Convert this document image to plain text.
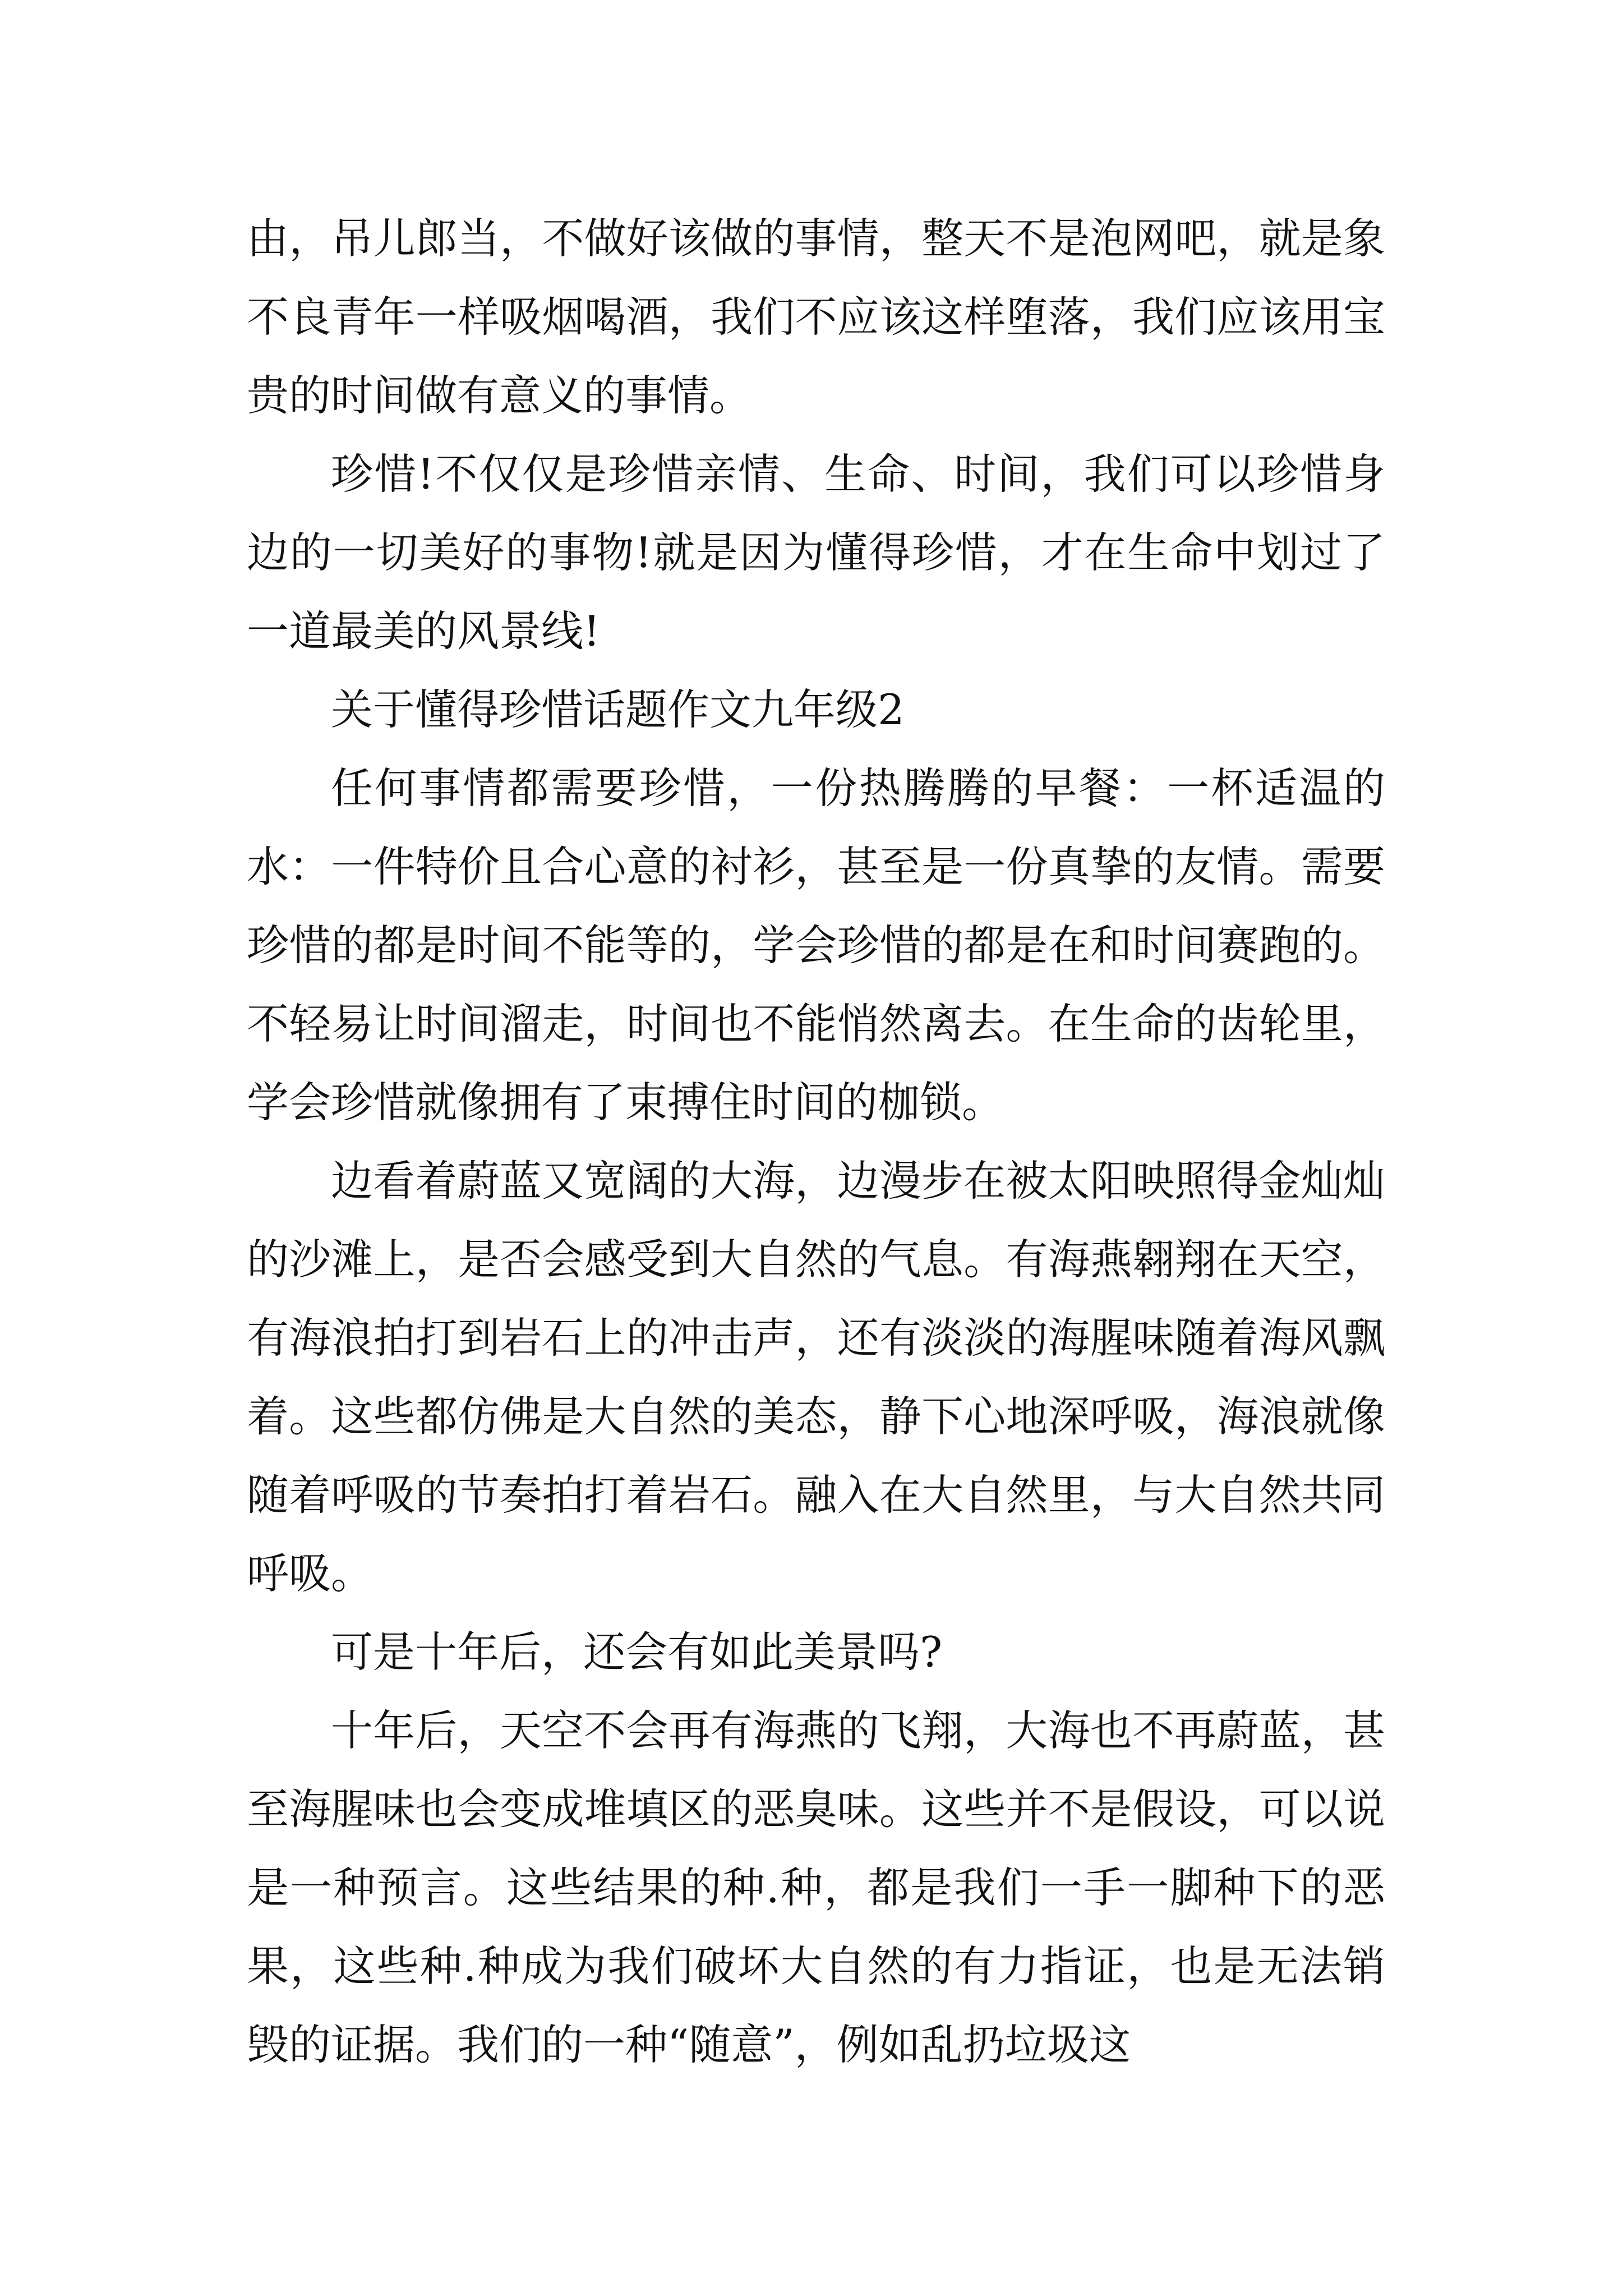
由，吊儿郎当，不做好该做的事情，整天不是泡网吧，就是象不良青年一样吸烟喝酒，我们不应该这样堕落，我们应该用宝贵的时间做有意义的事情。

珍惜!不仅仅是珍惜亲情、生命、时间，我们可以珍惜身边的一切美好的事物!就是因为懂得珍惜，才在生命中划过了一道最美的风景线!

关于懂得珍惜话题作文九年级2

任何事情都需要珍惜，一份热腾腾的早餐：一杯适温的水：一件特价且合心意的衬衫，甚至是一份真挚的友情。需要珍惜的都是时间不能等的，学会珍惜的都是在和时间赛跑的。不轻易让时间溜走，时间也不能悄然离去。在生命的齿轮里，学会珍惜就像拥有了束搏住时间的枷锁。

边看着蔚蓝又宽阔的大海，边漫步在被太阳映照得金灿灿的沙滩上，是否会感受到大自然的气息。有海燕翱翔在天空，有海浪拍打到岩石上的冲击声，还有淡淡的海腥味随着海风飘着。这些都仿佛是大自然的美态，静下心地深呼吸，海浪就像随着呼吸的节奏拍打着岩石。融入在大自然里，与大自然共同呼吸。

可是十年后，还会有如此美景吗?

十年后，天空不会再有海燕的飞翔，大海也不再蔚蓝，甚至海腥味也会变成堆填区的恶臭味。这些并不是假设，可以说是一种预言。这些结果的种.种，都是我们一手一脚种下的恶果，这些种.种成为我们破坏大自然的有力指证，也是无法销毁的证据。我们的一种“随意”，例如乱扔垃圾这
